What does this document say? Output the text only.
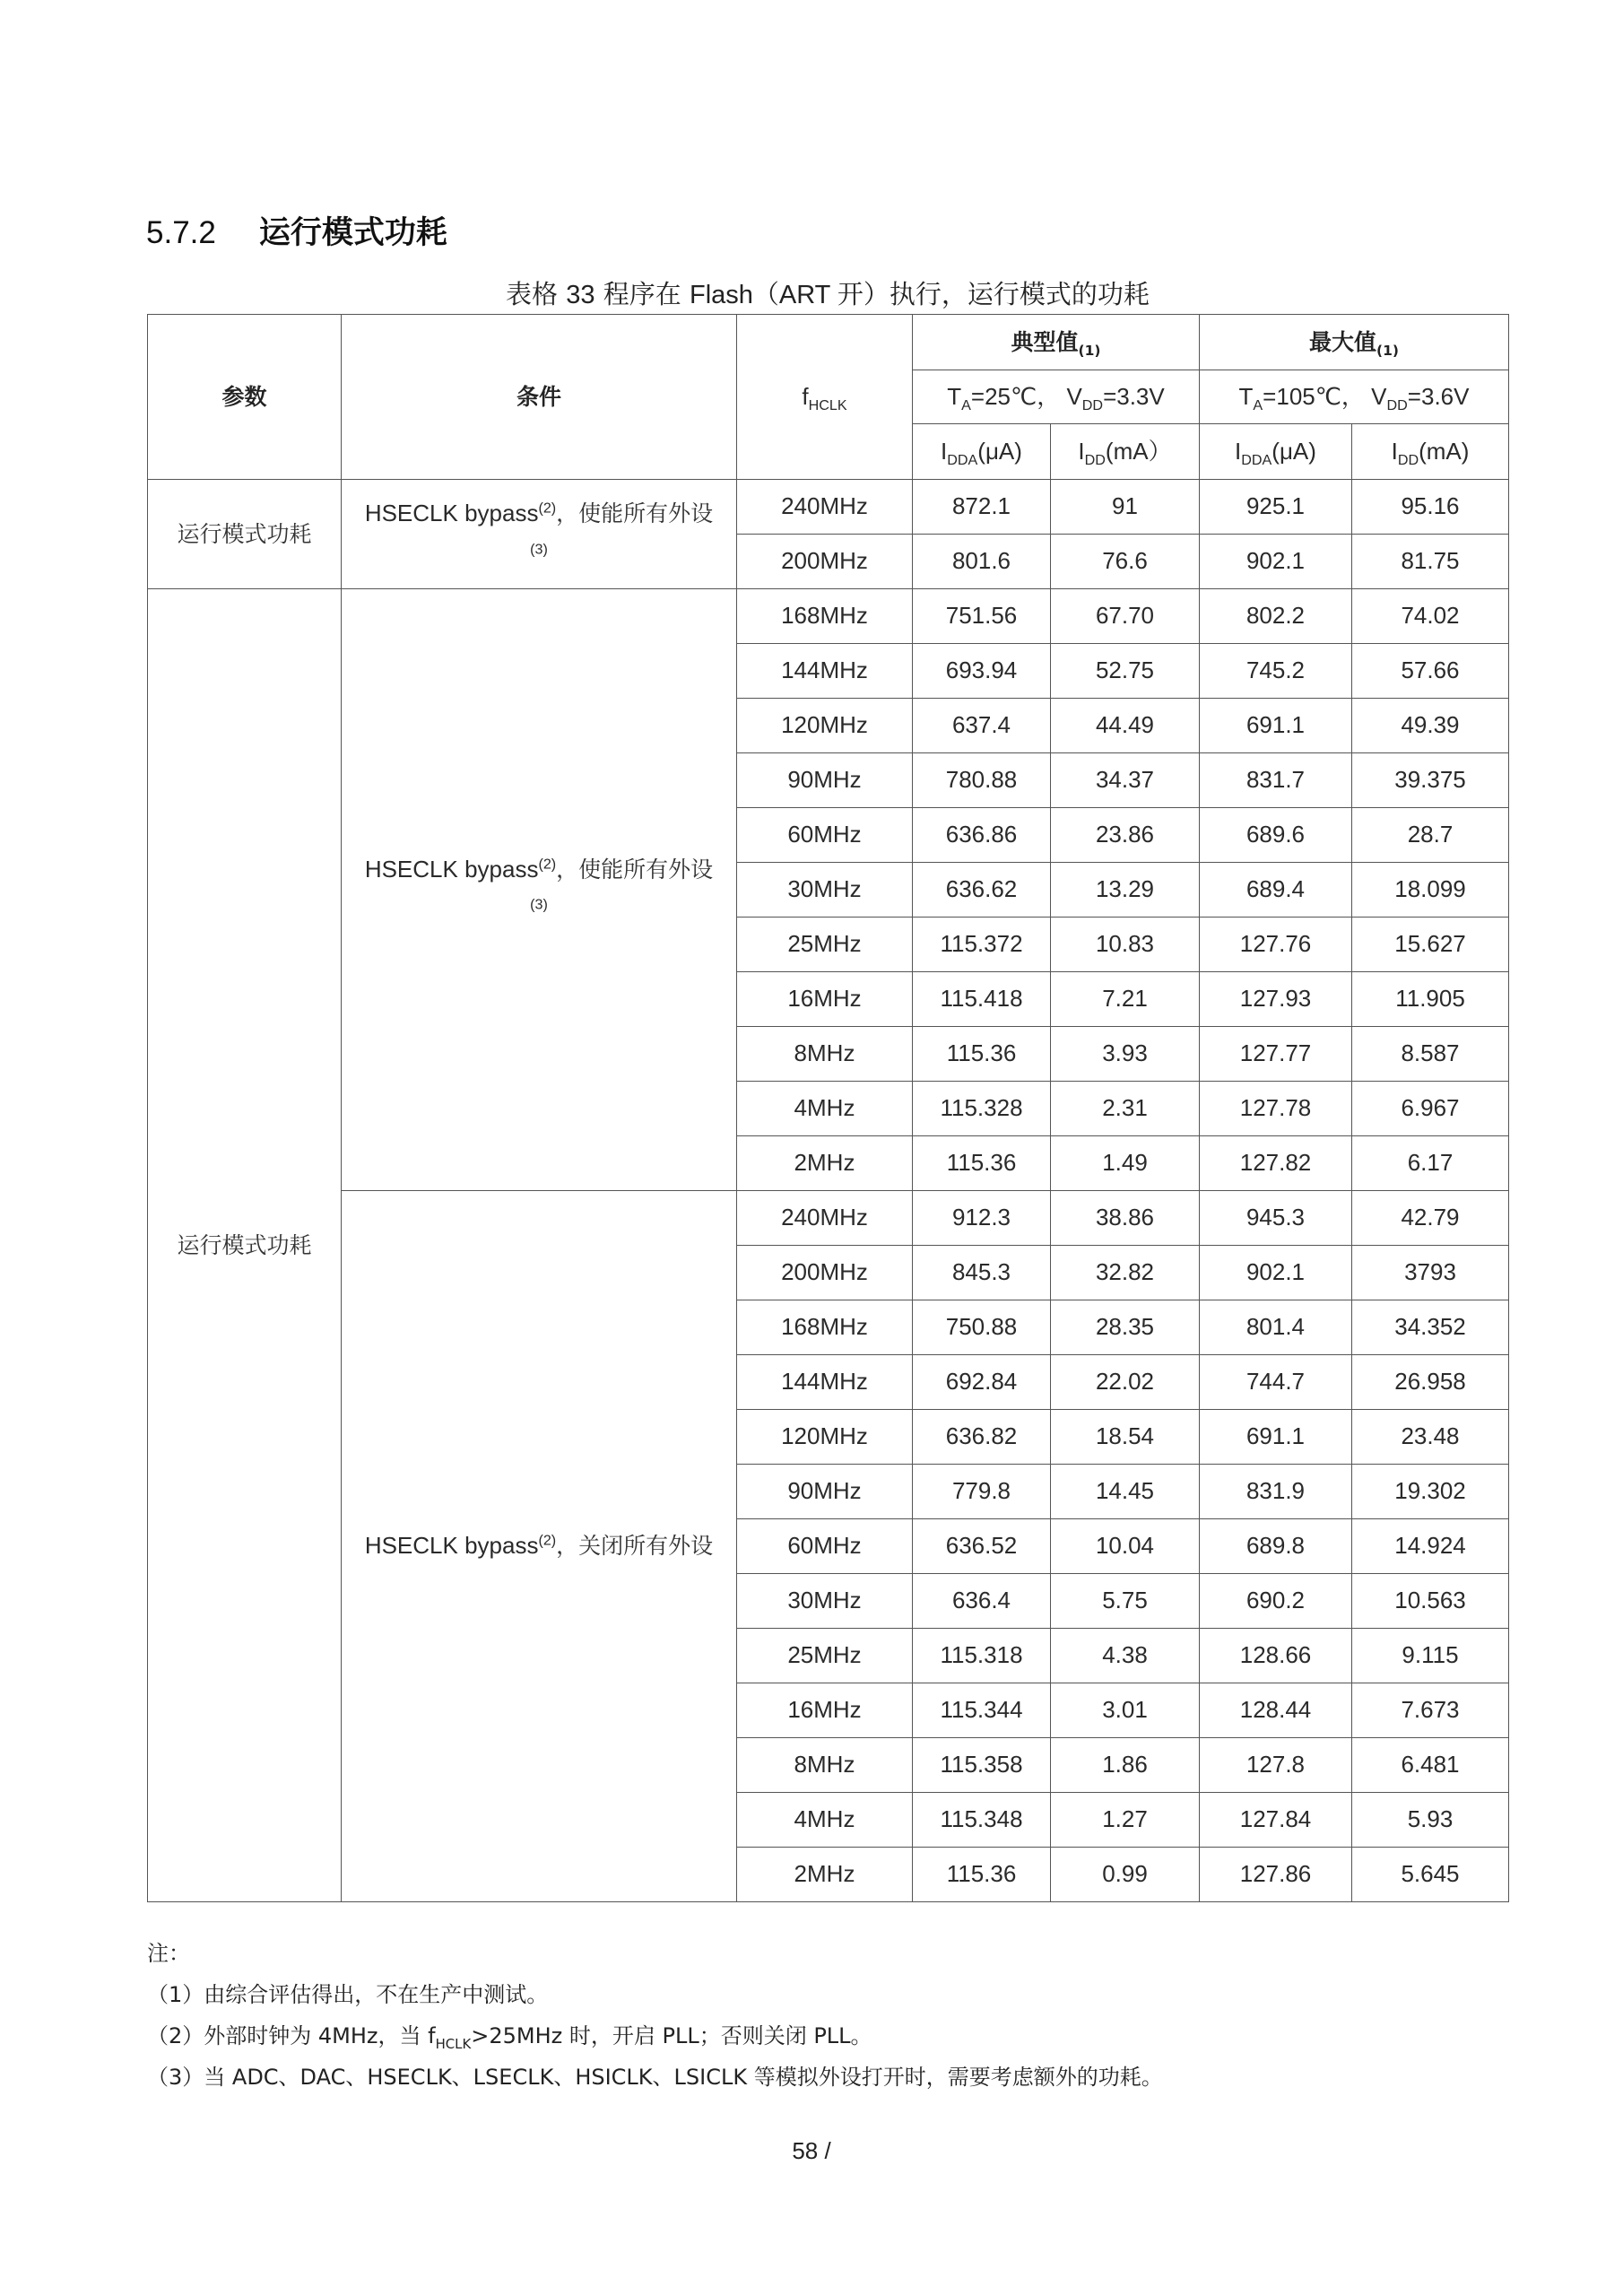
5.7.2 运行模式功耗
表格 33 程序在 Flash（ART 开）执行，运行模式的功耗
参数	条件	$f_{HCLK}$	典型值$_{(1)}$		最大值$_{(1)}$
			$T_A=25℃$， $V_{DD}=3.3V$		$T_A=105℃$， $V_{DD}=3.6V$	
			$I_{DDA}(\mu A)$	$I_{DD}(mA)$	$I_{DDA}(\mu A)$	$I_{DD}(mA)$
运行模式功耗	HSECLK bypass$^{(2)}$，使能所有外设$^{(3)}$	240MHz	872.1	91	925.1	95.16
		200MHz	801.6	76.6	902.1	81.75
运行模式功耗	HSECLK bypass$^{(2)}$，使能所有外设$^{(3)}$	168MHz	751.56	67.70	802.2	74.02
		144MHz	693.94	52.75	745.2	57.66
		120MHz	637.4	44.49	691.1	49.39
		90MHz	780.88	34.37	831.7	39.375
		60MHz	636.86	23.86	689.6	28.7
		30MHz	636.62	13.29	689.4	18.099
		25MHz	115.372	10.83	127.76	15.627
		16MHz	115.418	7.21	127.93	11.905
		8MHz	115.36	3.93	127.77	8.587
		4MHz	115.328	2.31	127.78	6.967
		2MHz	115.36	1.49	127.82	6.17
	HSECLK bypass$^{(2)}$，关闭所有外设	240MHz	912.3	38.86	945.3	42.79
		200MHz	845.3	32.82	902.1	3793
		168MHz	750.88	28.35	801.4	34.352
		144MHz	692.84	22.02	744.7	26.958
		120MHz	636.82	18.54	691.1	23.48
		90MHz	779.8	14.45	831.9	19.302
		60MHz	636.52	10.04	689.8	14.924
		30MHz	636.4	5.75	690.2	10.563
		25MHz	115.318	4.38	128.66	9.115
		16MHz	115.344	3.01	128.44	7.673
		8MHz	115.358	1.86	127.8	6.481
		4MHz	115.348	1.27	127.84	5.93
		2MHz	115.36	0.99	127.86	5.645

注：

（1）由综合评估得出，不在生产中测试。

（2）外部时钟为 4MHz，当 $f_{HCLK}>25MHz$ 时，开启 PLL；否则关闭 PLL。

（3）当 ADC、DAC、HSECLK、LSECLK、HSICLK、LSICLK 等模拟外设打开时，需要考虑额外的功耗。

58 /
